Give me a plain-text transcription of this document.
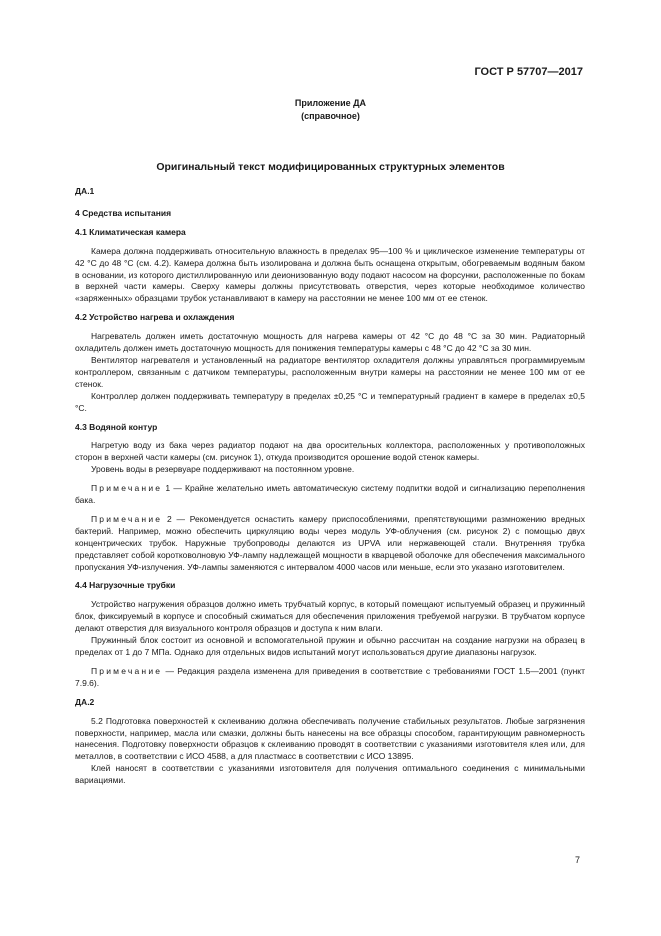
ГОСТ Р 57707—2017
Приложение ДА
(справочное)
Оригинальный текст модифицированных структурных элементов

ДА.1

4 Средства испытания

4.1 Климатическая камера

Камера должна поддерживать относительную влажность в пределах 95—100 % и циклическое изменение температуры от 42 °С до 48 °С (см. 4.2). Камера должна быть изолирована и должна быть оснащена открытым, обогреваемым водяным баком в основании, из которого дистиллированную или деионизованную воду подают насосом на форсунки, расположенные по бокам в верхней части камеры. Сверху камеры должны присутствовать отверстия, через которые необходимое количество «заряженных» образцами трубок устанавливают в камеру на расстоянии не менее 100 мм от ее стенок.

4.2 Устройство нагрева и охлаждения

Нагреватель должен иметь достаточную мощность для нагрева камеры от 42 °С до 48 °С за 30 мин. Радиаторный охладитель должен иметь достаточную мощность для понижения температуры камеры с 48 °С до 42 °С за 30 мин.

Вентилятор нагревателя и установленный на радиаторе вентилятор охладителя должны управляться программируемым контроллером, связанным с датчиком температуры, расположенным внутри камеры на расстоянии не менее 100 мм от ее стенок.

Контроллер должен поддерживать температуру в пределах ±0,25 °С и температурный градиент в камере в пределах ±0,5 °С.

4.3 Водяной контур

Нагретую воду из бака через радиатор подают на два оросительных коллектора, расположенных у противоположных сторон в верхней части камеры (см. рисунок 1), откуда производится орошение водой стенок камеры.

Уровень воды в резервуаре поддерживают на постоянном уровне.

Примечание 1 — Крайне желательно иметь автоматическую систему подпитки водой и сигнализацию переполнения бака.

Примечание 2 — Рекомендуется оснастить камеру приспособлениями, препятствующими размножению вредных бактерий. Например, можно обеспечить циркуляцию воды через модуль УФ-облучения (см. рисунок 2) с помощью двух концентрических трубок. Наружные трубопроводы делаются из UPVA или нержавеющей стали. Внутренняя трубка представляет собой коротковолновую УФ-лампу надлежащей мощности в кварцевой оболочке для обеспечения максимального пропускания УФ-излучения. УФ-лампы заменяются с интервалом 4000 часов или меньше, если это указано изготовителем.

4.4 Нагрузочные трубки

Устройство нагружения образцов должно иметь трубчатый корпус, в который помещают испытуемый образец и пружинный блок, фиксируемый в корпусе и способный сжиматься для обеспечения приложения требуемой нагрузки. В трубчатом корпусе делают отверстия для визуального контроля образцов и доступа к ним влаги.

Пружинный блок состоит из основной и вспомогательной пружин и обычно рассчитан на создание нагрузки на образец в пределах от 1 до 7 МПа. Однако для отдельных видов испытаний могут использоваться другие диапазоны нагрузок.

Примечание — Редакция раздела изменена для приведения в соответствие с требованиями ГОСТ 1.5—2001 (пункт 7.9.6).

ДА.2

5.2 Подготовка поверхностей к склеиванию должна обеспечивать получение стабильных результатов. Любые загрязнения поверхности, например, масла или смазки, должны быть нанесены на все образцы способом, гарантирующим равномерность нанесения. Подготовку поверхности образцов к склеиванию проводят в соответствии с указаниями изготовителя клея или, для металлов, в соответствии с ИСО 4588, а для пластмасс в соответствии с ИСО 13895.

Клей наносят в соответствии с указаниями изготовителя для получения оптимального соединения с минимальными вариациями.

7
